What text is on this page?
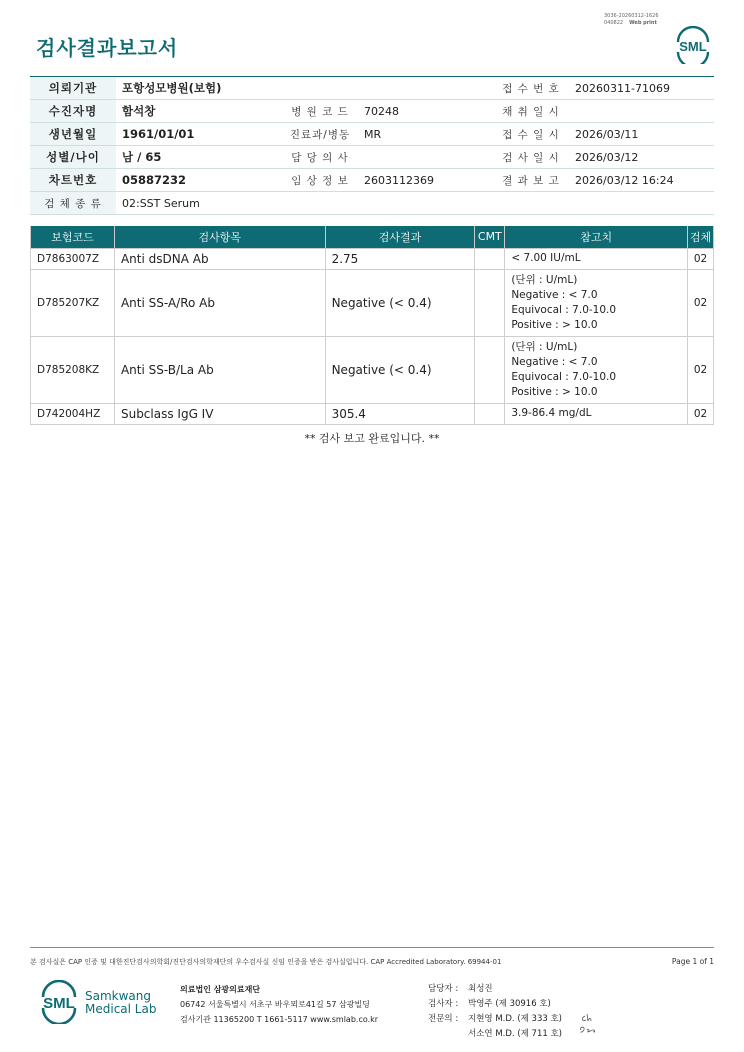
검사결과보고서
3036-20260312-1626
040822 Web print
SML
의뢰기관	포항성모병원(보험)			접 수 번 호	20260311-71069
수진자명	함석창	병 원 코 드	70248	채 취 일 시	
생년월일	1961/01/01	진료과/병동	MR	접 수 일 시	2026/03/11
성별/나이	남 / 65	담 당 의 사		검 사 일 시	2026/03/12
차트번호	05887232	임 상 정 보	2603112369		결 과 보 고	2026/03/12 16:24
검 체 종 류	02:SST Serum				
보험코드	검사항목	검사결과	CMT	참고치	검체
D7863007Z	Anti dsDNA Ab	2.75		< 7.00 IU/mL	02
D785207KZ	Anti SS-A/Ro Ab	Negative (< 0.4)		(단위 : U/mL)
Negative : < 7.0
Equivocal : 7.0-10.0
Positive : > 10.0	02
D785208KZ	Anti SS-B/La Ab	Negative (< 0.4)		(단위 : U/mL)
Negative : < 7.0
Equivocal : 7.0-10.0
Positive : > 10.0	02
D742004HZ	Subclass IgG IV	305.4		3.9-86.4 mg/dL	02
** 검사 보고 완료입니다. **
본 검사실은 CAP 인증 및 대한진단검사의학회/진단검사의학재단의 우수검사실 신임 인증을 받은 검사실입니다. CAP Accredited Laboratory. 69944-01	Page 1 of 1
SML Samkwang
Medical Lab
의료법인 삼광의료재단
06742 서울특별시 서초구 바우뫼로41길 57 삼광빌딩
검사기관 11365200 T 1661-5117 www.smlab.co.kr
담당자 : 최성진
검사자 : 박영주 (제 30916 호)
전문의 : 지현영 M.D. (제 333 호)
서소연 M.D. (제 711 호)
